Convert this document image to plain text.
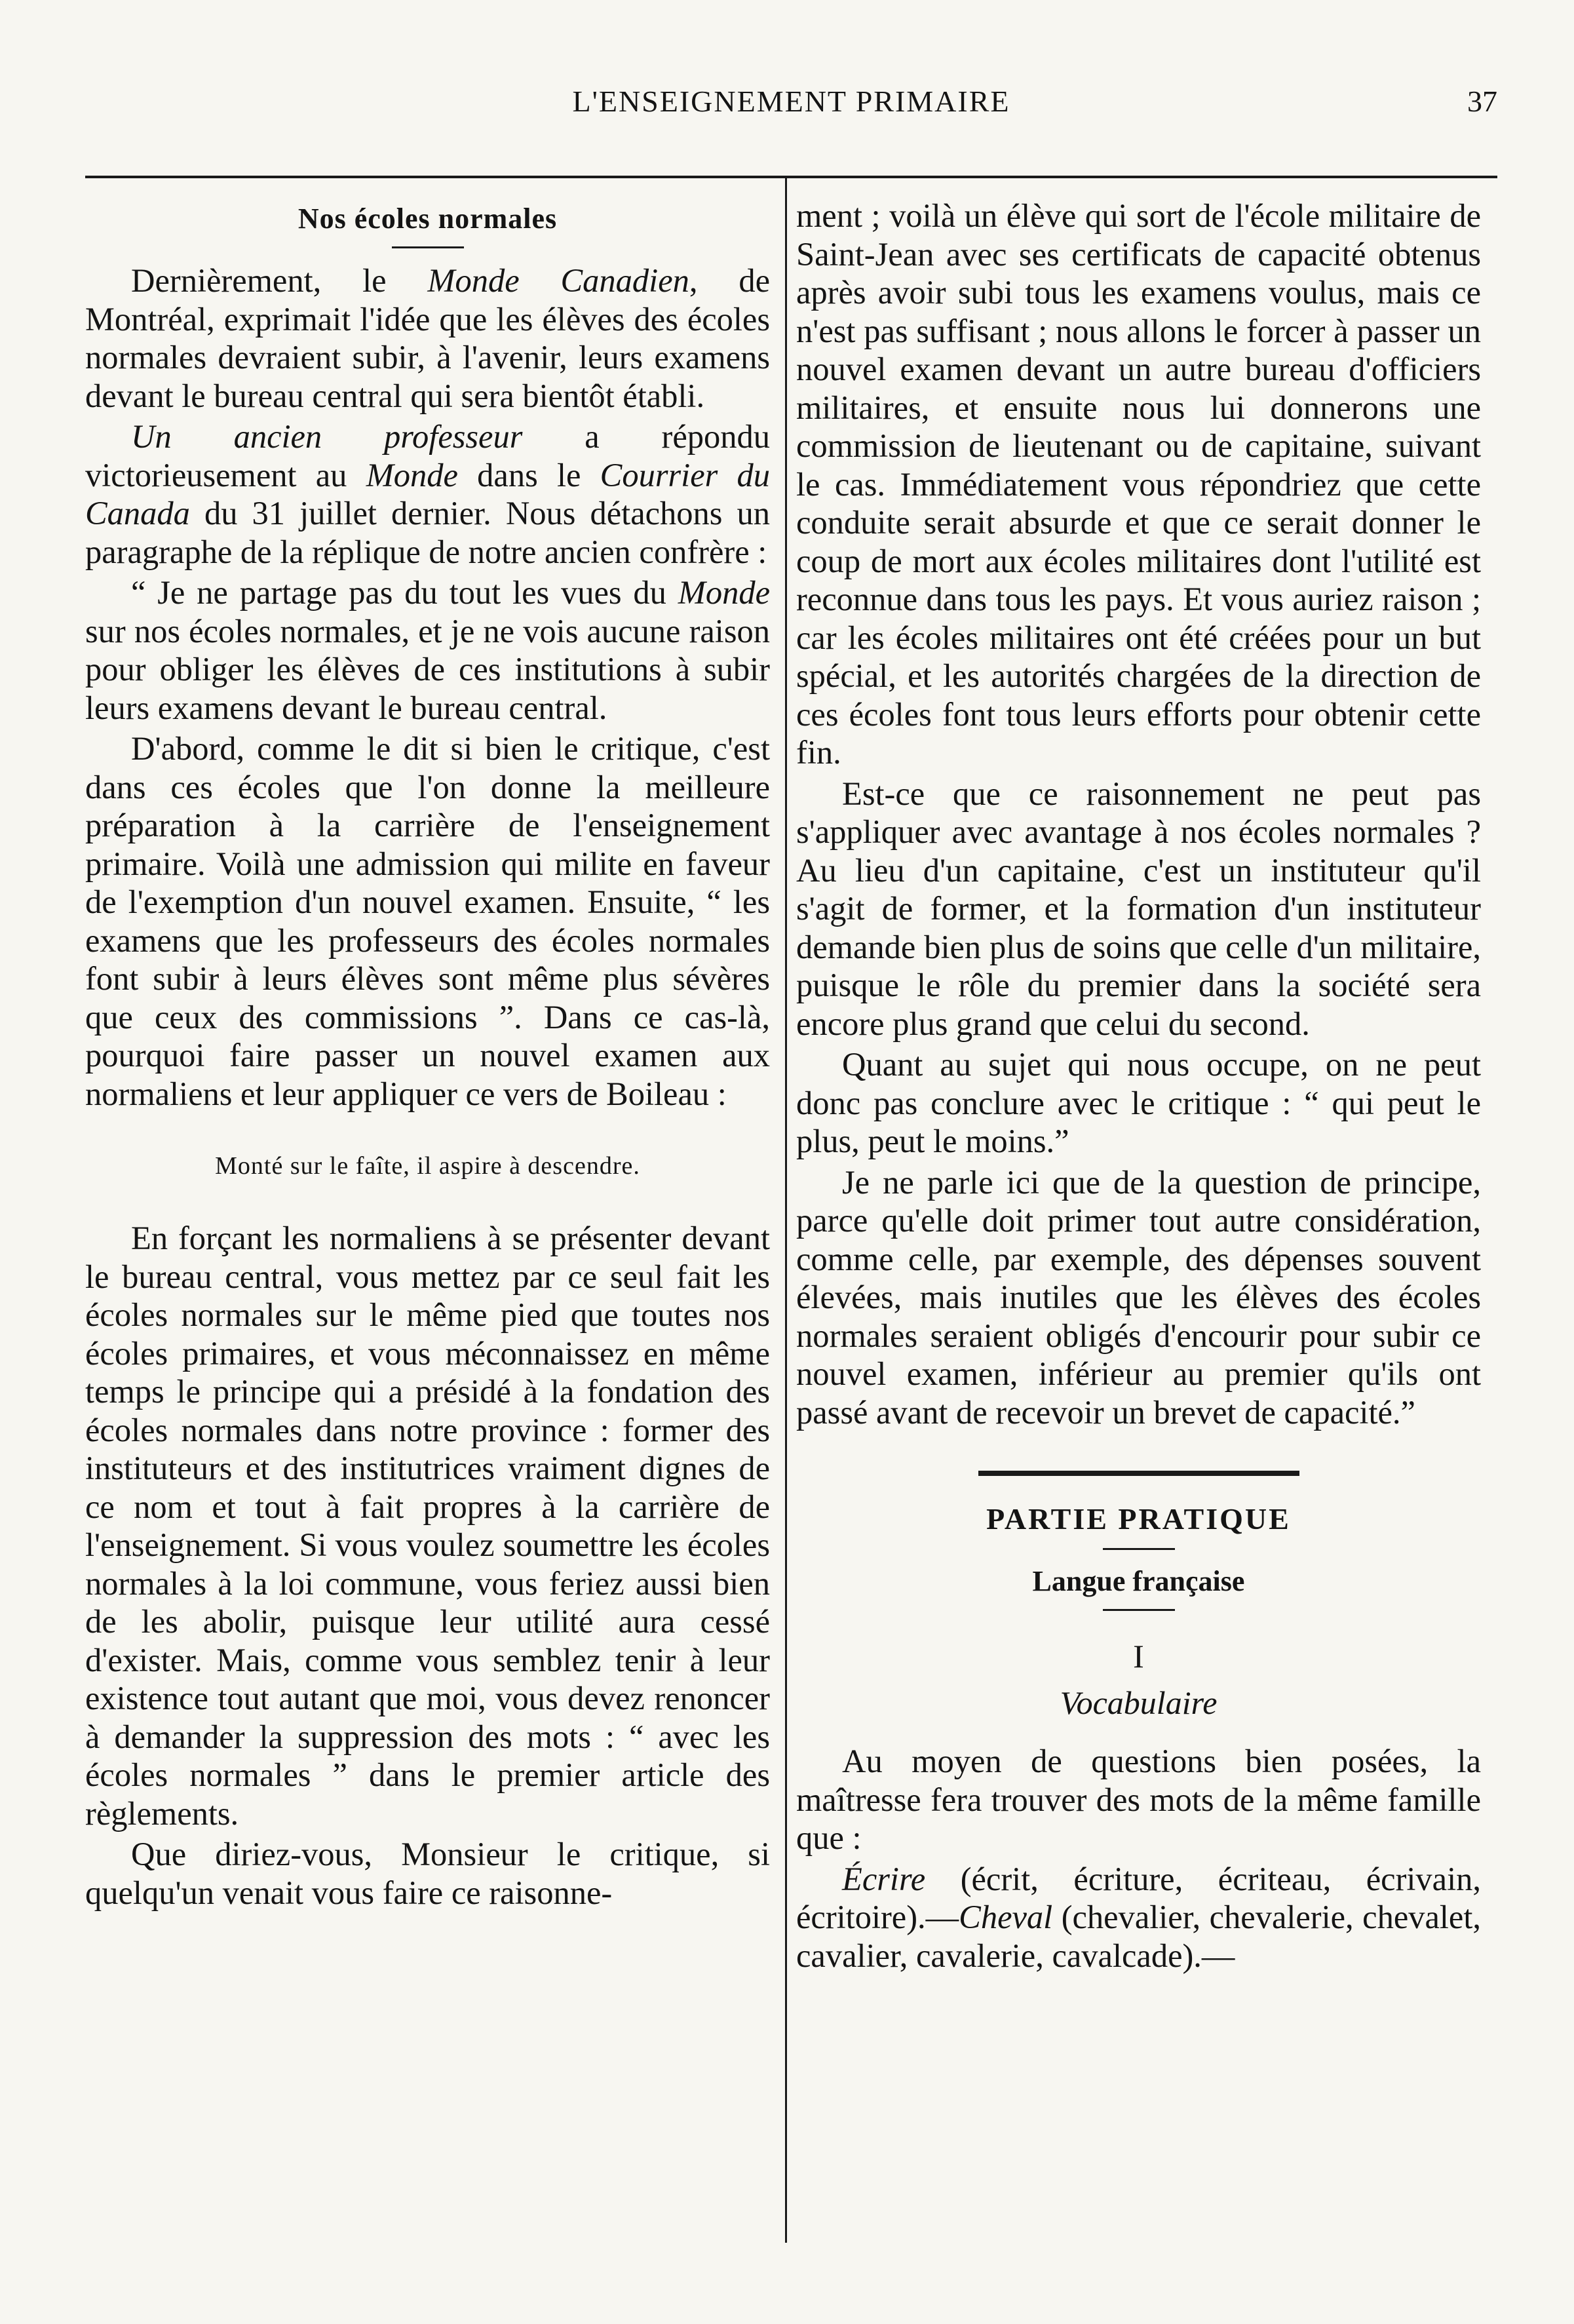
L'ENSEIGNEMENT PRIMAIRE	37
Nos écoles normales

Dernièrement, le Monde Canadien, de Montréal, exprimait l'idée que les élèves des écoles normales devraient subir, à l'avenir, leurs examens devant le bureau central qui sera bientôt établi.

Un ancien professeur a répondu victorieusement au Monde dans le Courrier du Canada du 31 juillet dernier. Nous détachons un paragraphe de la réplique de notre ancien confrère :

“ Je ne partage pas du tout les vues du Monde sur nos écoles normales, et je ne vois aucune raison pour obliger les élèves de ces institutions à subir leurs examens devant le bureau central.

D'abord, comme le dit si bien le critique, c'est dans ces écoles que l'on donne la meilleure préparation à la carrière de l'enseignement primaire. Voilà une admission qui milite en faveur de l'exemption d'un nouvel examen. Ensuite, “ les examens que les professeurs des écoles normales font subir à leurs élèves sont même plus sévères que ceux des commissions ”. Dans ce cas-là, pourquoi faire passer un nouvel examen aux normaliens et leur appliquer ce vers de Boileau :

Monté sur le faîte, il aspire à descendre.

En forçant les normaliens à se présenter devant le bureau central, vous mettez par ce seul fait les écoles normales sur le même pied que toutes nos écoles primaires, et vous méconnaissez en même temps le principe qui a présidé à la fondation des écoles normales dans notre province : former des instituteurs et des institutrices vraiment dignes de ce nom et tout à fait propres à la carrière de l'enseignement. Si vous voulez soumettre les écoles normales à la loi commune, vous feriez aussi bien de les abolir, puisque leur utilité aura cessé d'exister. Mais, comme vous semblez tenir à leur existence tout autant que moi, vous devez renoncer à demander la suppression des mots : “ avec les écoles normales ” dans le premier article des règlements.

Que diriez-vous, Monsieur le critique, si quelqu'un venait vous faire ce raisonne-

ment ; voilà un élève qui sort de l'école militaire de Saint-Jean avec ses certificats de capacité obtenus après avoir subi tous les examens voulus, mais ce n'est pas suffisant ; nous allons le forcer à passer un nouvel examen devant un autre bureau d'officiers militaires, et ensuite nous lui donnerons une commission de lieutenant ou de capitaine, suivant le cas. Immédiatement vous répondriez que cette conduite serait absurde et que ce serait donner le coup de mort aux écoles militaires dont l'utilité est reconnue dans tous les pays. Et vous auriez raison ; car les écoles militaires ont été créées pour un but spécial, et les autorités chargées de la direction de ces écoles font tous leurs efforts pour obtenir cette fin.

Est-ce que ce raisonnement ne peut pas s'appliquer avec avantage à nos écoles normales ? Au lieu d'un capitaine, c'est un instituteur qu'il s'agit de former, et la formation d'un instituteur demande bien plus de soins que celle d'un militaire, puisque le rôle du premier dans la société sera encore plus grand que celui du second.

Quant au sujet qui nous occupe, on ne peut donc pas conclure avec le critique : “ qui peut le plus, peut le moins.”

Je ne parle ici que de la question de principe, parce qu'elle doit primer tout autre considération, comme celle, par exemple, des dépenses souvent élevées, mais inutiles que les élèves des écoles normales seraient obligés d'encourir pour subir ce nouvel examen, inférieur au premier qu'ils ont passé avant de recevoir un brevet de capacité.”

PARTIE PRATIQUE
Langue française
I
Vocabulaire

Au moyen de questions bien posées, la maîtresse fera trouver des mots de la même famille que :

Écrire (écrit, écriture, écriteau, écrivain, écritoire).—Cheval (chevalier, chevalerie, chevalet, cavalier, cavalerie, cavalcade).—
